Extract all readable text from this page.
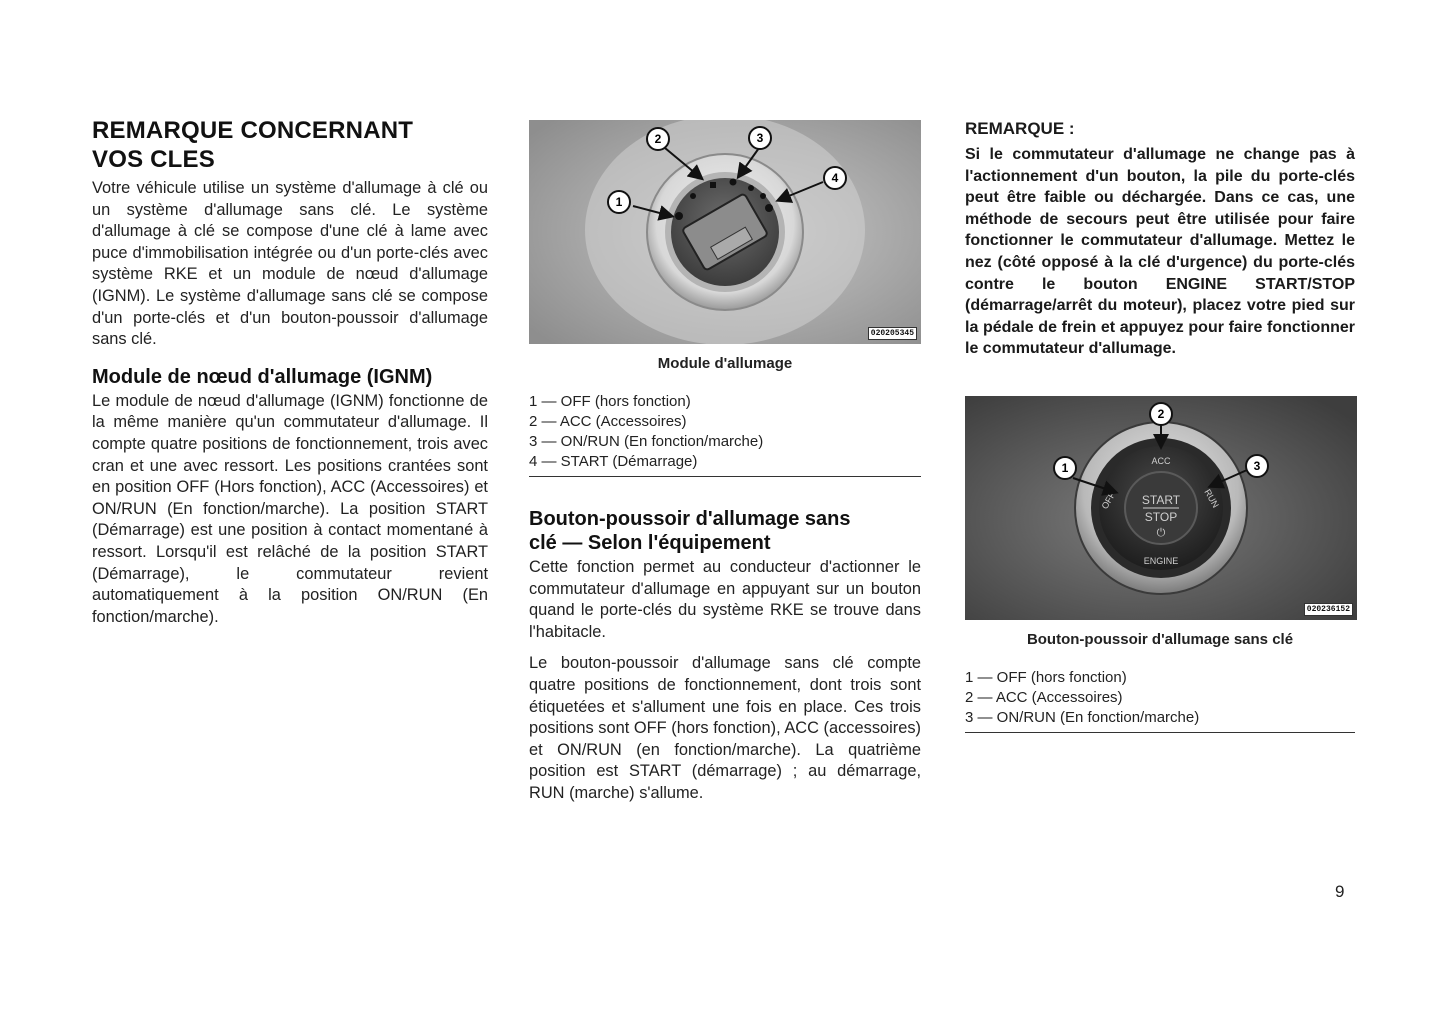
REMARQUE CONCERNANT
VOS CLES

Votre véhicule utilise un système d'allumage à clé ou un système d'allumage sans clé. Le système d'allumage à clé se compose d'une clé à lame avec puce d'immobilisation intégrée ou d'un porte-clés avec système RKE et un module de nœud d'allumage (IGNM). Le système d'allumage sans clé se compose d'un porte-clés et d'un bouton-poussoir d'allumage sans clé.

Module de nœud d'allumage (IGNM)

Le module de nœud d'allumage (IGNM) fonctionne de la même manière qu'un commutateur d'allumage. Il compte quatre positions de fonctionnement, trois avec cran et une avec ressort. Les positions crantées sont en position OFF (Hors fonction), ACC (Accessoires) et ON/RUN (En fonction/marche). La position START (Démarrage) est une position à contact momentané à ressort. Lorsqu'il est relâché de la position START (Démarrage), le commutateur revient automatiquement à la position ON/RUN (En fonction/marche).

1
2	3
4
020205345
Module d'allumage
1 — OFF (hors fonction)
2 — ACC (Accessoires)
3 — ON/RUN (En fonction/marche)
4 — START (Démarrage)
Bouton-poussoir d'allumage sans
clé — Selon l'équipement

Cette fonction permet au conducteur d'actionner le commutateur d'allumage en appuyant sur un bouton quand le porte-clés du système RKE se trouve dans l'habitacle.

Le bouton-poussoir d'allumage sans clé compte quatre positions de fonctionnement, dont trois sont étiquetées et s'allument une fois en place. Ces trois positions sont OFF (hors fonction), ACC (accessoires) et ON/RUN (en fonction/marche). La quatrième position est START (démarrage) ; au démarrage, RUN (marche) s'allume.

REMARQUE :

Si le commutateur d'allumage ne change pas à l'actionnement d'un bouton, la pile du porte-clés peut être faible ou déchargée. Dans ce cas, une méthode de secours peut être utilisée pour faire fonctionner le commutateur d'allumage. Mettez le nez (côté opposé à la clé d'urgence) du porte-clés contre le bouton ENGINE START/STOP (démarrage/arrêt du moteur), placez votre pied sur la pédale de frein et appuyez pour faire fonctionner le commutateur d'allumage.

START
STOP
⏻
OFF
ACC
RUN
ENGINE
1
2
3
020236152
Bouton-poussoir d'allumage sans clé
1 — OFF (hors fonction)
2 — ACC (Accessoires)
3 — ON/RUN (En fonction/marche)
9
